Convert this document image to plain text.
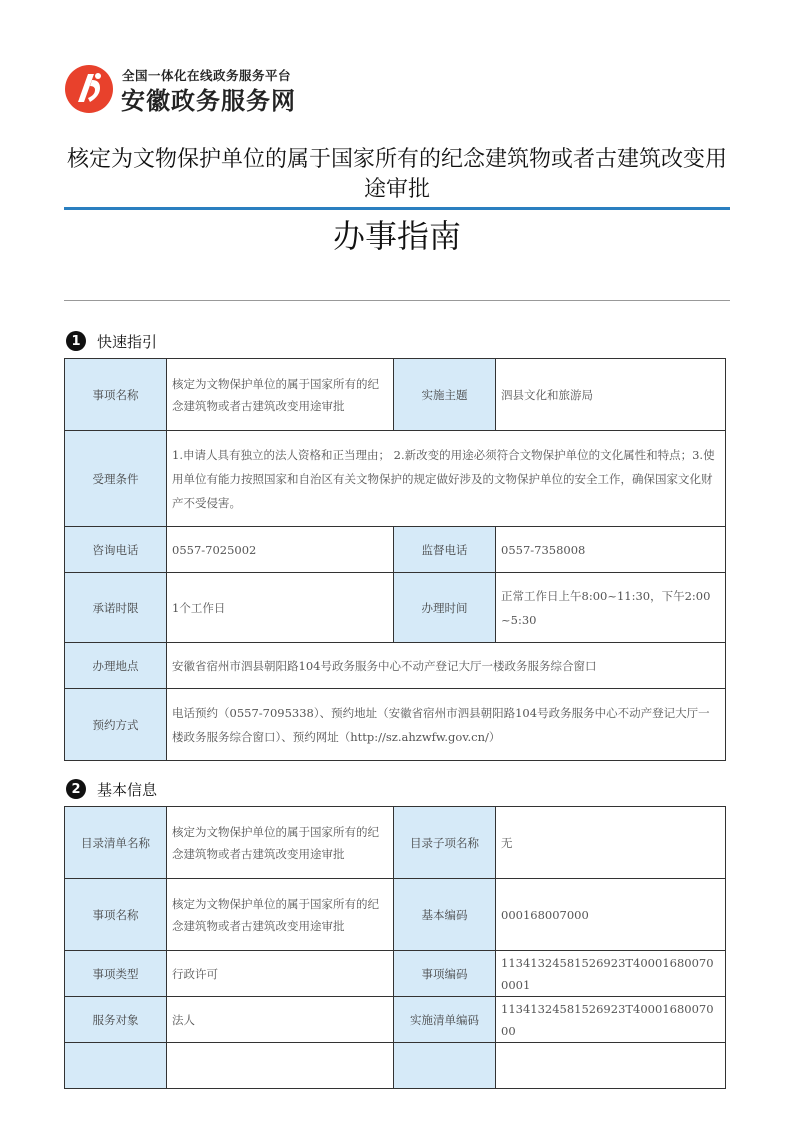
全国一体化在线政务服务平台
安徽政务服务网
核定为文物保护单位的属于国家所有的纪念建筑物或者古建筑改变用途审批
办事指南
1	快速指引
事项名称	核定为文物保护单位的属于国家所有的纪念建筑物或者古建筑改变用途审批	实施主题	泗县文化和旅游局
受理条件	1.申请人具有独立的法人资格和正当理由； 2.新改变的用途必须符合文物保护单位的文化属性和特点；3.使用单位有能力按照国家和自治区有关文物保护的规定做好涉及的文物保护单位的安全工作，确保国家文化财产不受侵害。		
咨询电话	0557-7025002	监督电话	0557-7358008
承诺时限	1个工作日	办理时间	正常工作日上午8:00~11:30，下午2:00~5:30
办理地点	安徽省宿州市泗县朝阳路104号政务服务中心不动产登记大厅一楼政务服务综合窗口		
预约方式	电话预约（0557-7095338）、预约地址（安徽省宿州市泗县朝阳路104号政务服务中心不动产登记大厅一楼政务服务综合窗口）、预约网址（http://sz.ahzwfw.gov.cn/）		
2	基本信息
目录清单名称	核定为文物保护单位的属于国家所有的纪念建筑物或者古建筑改变用途审批	目录子项名称	无
事项名称	核定为文物保护单位的属于国家所有的纪念建筑物或者古建筑改变用途审批	基本编码	000168007000
事项类型	行政许可	事项编码	11341324581526923T400016800700001
服务对象	法人	实施清单编码	11341324581526923T4000168007000
